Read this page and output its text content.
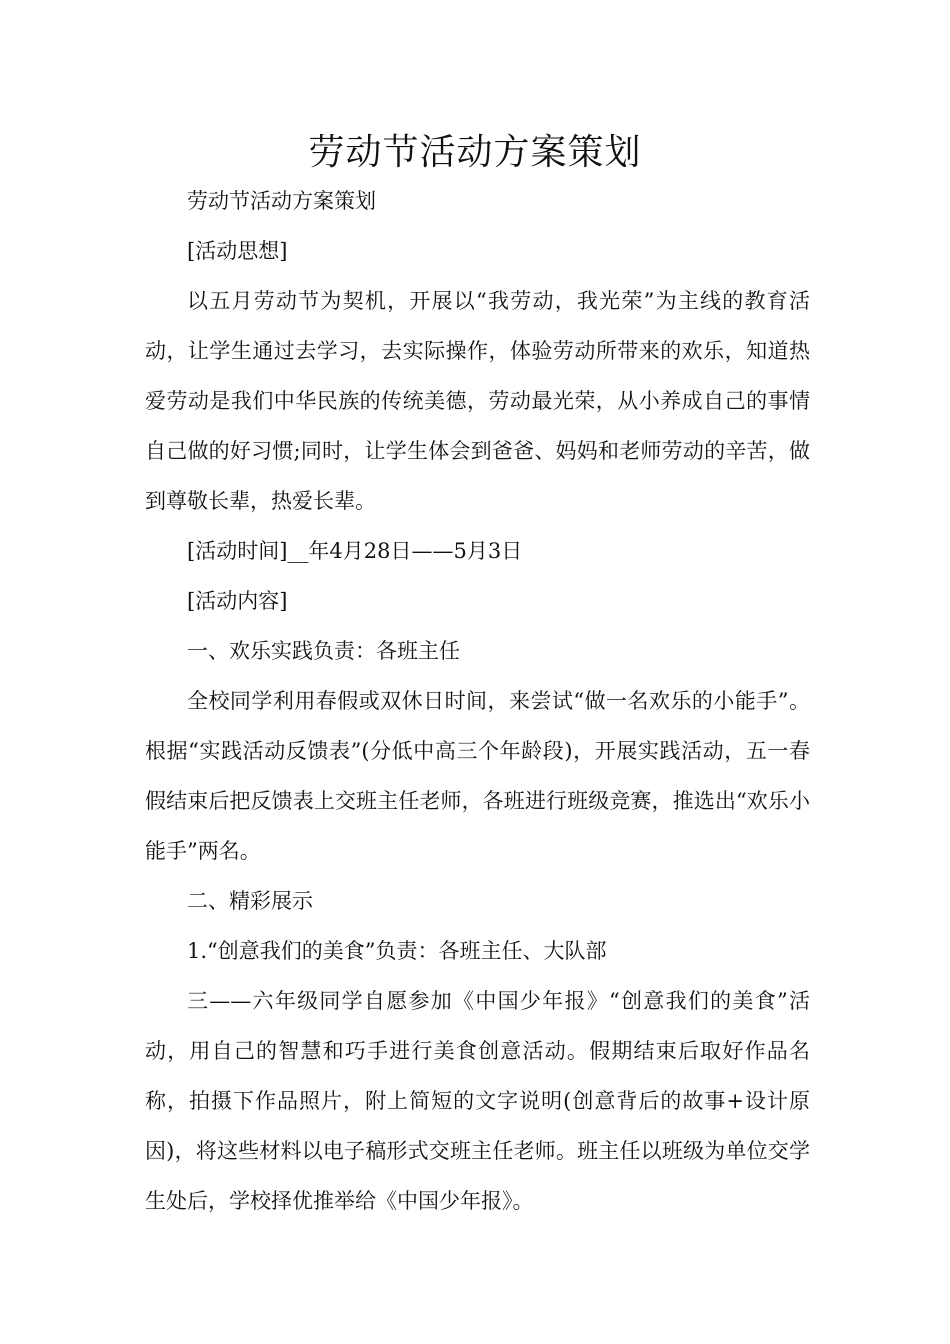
劳动节活动方案策划

劳动节活动方案策划

[活动思想]

以五月劳动节为契机，开展以“我劳动，我光荣”为主线的教育活动，让学生通过去学习，去实际操作，体验劳动所带来的欢乐，知道热爱劳动是我们中华民族的传统美德，劳动最光荣，从小养成自己的事情自己做的好习惯;同时，让学生体会到爸爸、妈妈和老师劳动的辛苦，做到尊敬长辈，热爱长辈。

[活动时间]__年4月28日——5月3日

[活动内容]

一、欢乐实践负责：各班主任

全校同学利用春假或双休日时间，来尝试“做一名欢乐的小能手”。根据“实践活动反馈表”(分低中高三个年龄段)，开展实践活动，五一春假结束后把反馈表上交班主任老师，各班进行班级竞赛，推选出“欢乐小能手”两名。

二、精彩展示

1.“创意我们的美食”负责：各班主任、大队部

三——六年级同学自愿参加《中国少年报》“创意我们的美食”活动，用自己的智慧和巧手进行美食创意活动。假期结束后取好作品名称，拍摄下作品照片，附上简短的文字说明(创意背后的故事+设计原因)，将这些材料以电子稿形式交班主任老师。班主任以班级为单位交学生处后，学校择优推举给《中国少年报》。
